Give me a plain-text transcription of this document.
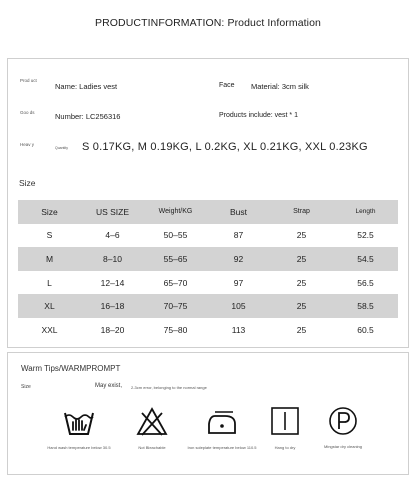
PRODUCTINFORMATION: Product Information
Prod uct
Name: Ladies vest	Face Material: 3cm silk
Goo ds	Number: LC256316	Products include: vest * 1
Heav y
Quantity S 0.17KG, M 0.19KG, L 0.2KG, XL 0.21KG, XXL 0.23KG
Size
Size	US SIZE	Weight/KG	Bust	Strap	Length
S	4–6	50–55	87	25	52.5
M	8–10	55–65	92	25	54.5
L	12–14	65–70	97	25	56.5
XL	16–18	70–75	105	25	58.5
XXL	18–20	75–80	113	25	60.5
Warm Tips/WARMPROMPT
Size	May exist, 2-3cm error, belonging to the normal range
Hand wash temperature below 30.5	Not Bleachable	Iron soleplate temperature below 110.5	Hang to dry	Mingstar dry cleaning
